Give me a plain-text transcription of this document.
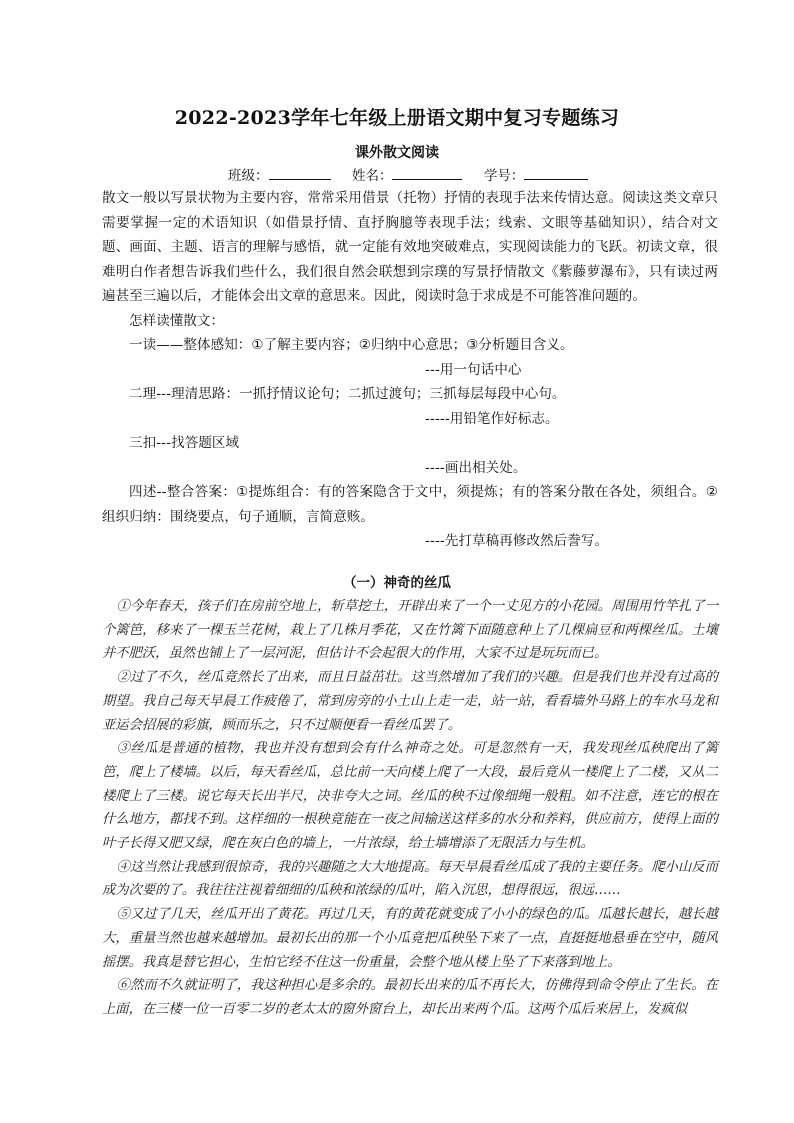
2022-2023学年七年级上册语文期中复习专题练习
课外散文阅读
班级：	姓名：	学号：

散文一般以写景状物为主要内容，常常采用借景（托物）抒情的表现手法来传情达意。阅读这类文章只需要掌握一定的术语知识（如借景抒情、直抒胸臆等表现手法；线索、文眼等基础知识），结合对文题、画面、主题、语言的理解与感悟，就一定能有效地突破难点，实现阅读能力的飞跃。初读文章，很难明白作者想告诉我们些什么，我们很自然会联想到宗璞的写景抒情散文《紫藤萝瀑布》，只有读过两遍甚至三遍以后，才能体会出文章的意思来。因此，阅读时急于求成是不可能答准问题的。

怎样读懂散文：

一读——整体感知：①了解主要内容；②归纳中心意思；③分析题目含义。

---用一句话中心

二理---理清思路：一抓抒情议论句；二抓过渡句；三抓每层每段中心句。

-----用铅笔作好标志。

三扣---找答题区域

----画出相关处。

四述--整合答案：①提炼组合：有的答案隐含于文中，须提炼；有的答案分散在各处，须组合。②组织归纳：围绕要点，句子通顺，言简意赅。

----先打草稿再修改然后誊写。

（一）神奇的丝瓜

①今年春天，孩子们在房前空地上，斩草挖土，开辟出来了一个一丈见方的小花园。周围用竹竿扎了一个篱笆，移来了一棵玉兰花树，栽上了几株月季花，又在竹篱下面随意种上了几棵扁豆和两棵丝瓜。土壤并不肥沃，虽然也铺上了一层河泥，但估计不会起很大的作用，大家不过是玩玩而已。

②过了不久，丝瓜竟然长了出来，而且日益茁壮。这当然增加了我们的兴趣。但是我们也并没有过高的期望。我自己每天早晨工作疲倦了，常到房旁的小土山上走一走，站一站，看看墙外马路上的车水马龙和亚运会招展的彩旗，顾而乐之，只不过顺便看一看丝瓜罢了。

③丝瓜是普通的植物，我也并没有想到会有什么神奇之处。可是忽然有一天，我发现丝瓜秧爬出了篱笆，爬上了楼墙。以后，每天看丝瓜，总比前一天向楼上爬了一大段，最后竟从一楼爬上了二楼，又从二楼爬上了三楼。说它每天长出半尺，决非夸大之词。丝瓜的秧不过像细绳一般粗。如不注意，连它的根在什么地方，都找不到。这样细的一根秧竟能在一夜之间输送这样多的水分和养料，供应前方，使得上面的叶子长得又肥又绿，爬在灰白色的墙上，一片浓绿，给土墙增添了无限活力与生机。

④这当然让我感到很惊奇，我的兴趣随之大大地提高。每天早晨看丝瓜成了我的主要任务。爬小山反而成为次要的了。我往往注视着细细的瓜秧和浓绿的瓜叶，陷入沉思，想得很远，很远……

⑤又过了几天，丝瓜开出了黄花。再过几天，有的黄花就变成了小小的绿色的瓜。瓜越长越长，越长越大，重量当然也越来越增加。最初长出的那一个小瓜竟把瓜秧坠下来了一点，直挺挺地悬垂在空中，随风摇摆。我真是替它担心，生怕它经不住这一份重量，会整个地从楼上坠了下来落到地上。

⑥然而不久就证明了，我这种担心是多余的。最初长出来的瓜不再长大，仿佛得到命令停止了生长。在上面，在三楼一位一百零二岁的老太太的窗外窗台上，却长出来两个瓜。这两个瓜后来居上，发疯似
